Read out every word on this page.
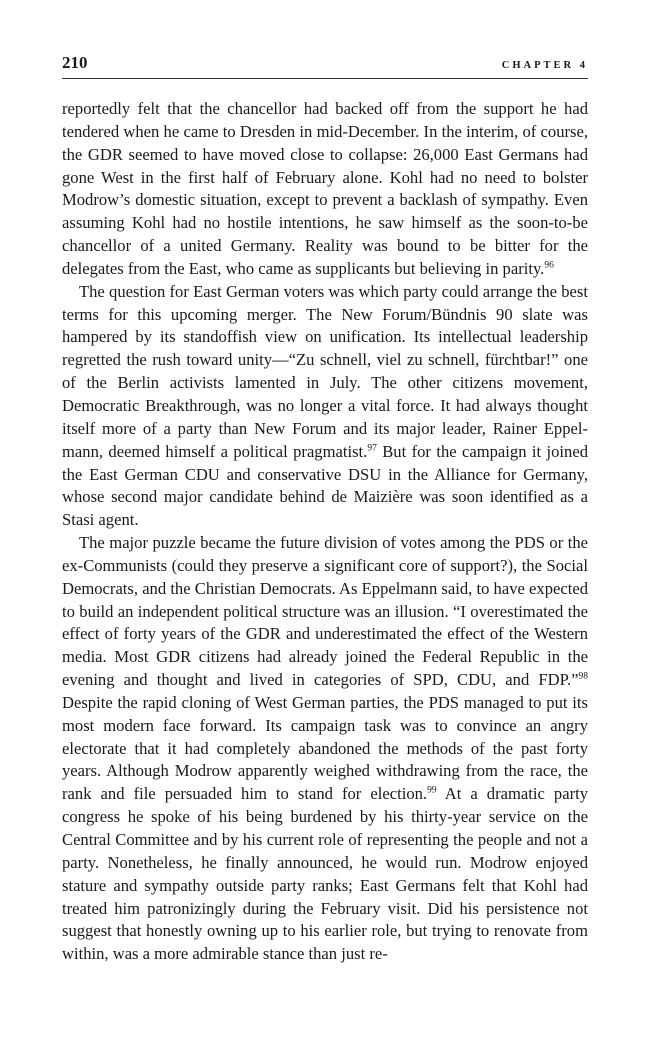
210	CHAPTER 4

reportedly felt that the chancellor had backed off from the support he had tendered when he came to Dresden in mid-December. In the interim, of course, the GDR seemed to have moved close to collapse: 26,000 East Germans had gone West in the first half of February alone. Kohl had no need to bolster Modrow’s domestic situation, except to prevent a backlash of sympathy. Even assuming Kohl had no hostile intentions, he saw himself as the soon-to-be chancellor of a united Germany. Reality was bound to be bitter for the delegates from the East, who came as supplicants but believing in parity.$^{96}$

The question for East German voters was which party could arrange the best terms for this upcoming merger. The New Forum/Bündnis 90 slate was hampered by its standoffish view on unification. Its intellectual leadership regretted the rush toward unity—“Zu schnell, viel zu schnell, fürchtbar!” one of the Berlin activists lamented in July. The other citizens movement, Democratic Breakthrough, was no longer a vital force. It had always thought itself more of a party than New Forum and its major leader, Rainer Eppelmann, deemed himself a political pragmatist.$^{97}$ But for the campaign it joined the East German CDU and conservative DSU in the Alliance for Germany, whose second major candidate behind de Maizière was soon identified as a Stasi agent.

The major puzzle became the future division of votes among the PDS or the ex-Communists (could they preserve a significant core of support?), the Social Democrats, and the Christian Democrats. As Eppelmann said, to have expected to build an independent political structure was an illusion. “I overestimated the effect of forty years of the GDR and underestimated the effect of the Western media. Most GDR citizens had already joined the Federal Republic in the evening and thought and lived in categories of SPD, CDU, and FDP.”$^{98}$ Despite the rapid cloning of West German parties, the PDS managed to put its most modern face forward. Its campaign task was to convince an angry electorate that it had completely abandoned the methods of the past forty years. Although Modrow apparently weighed withdrawing from the race, the rank and file persuaded him to stand for election.$^{99}$ At a dramatic party congress he spoke of his being burdened by his thirty-year service on the Central Committee and by his current role of representing the people and not a party. Nonetheless, he finally announced, he would run. Modrow enjoyed stature and sympathy outside party ranks; East Germans felt that Kohl had treated him patronizingly during the February visit. Did his persistence not suggest that honestly owning up to his earlier role, but trying to renovate from within, was a more admirable stance than just re-
